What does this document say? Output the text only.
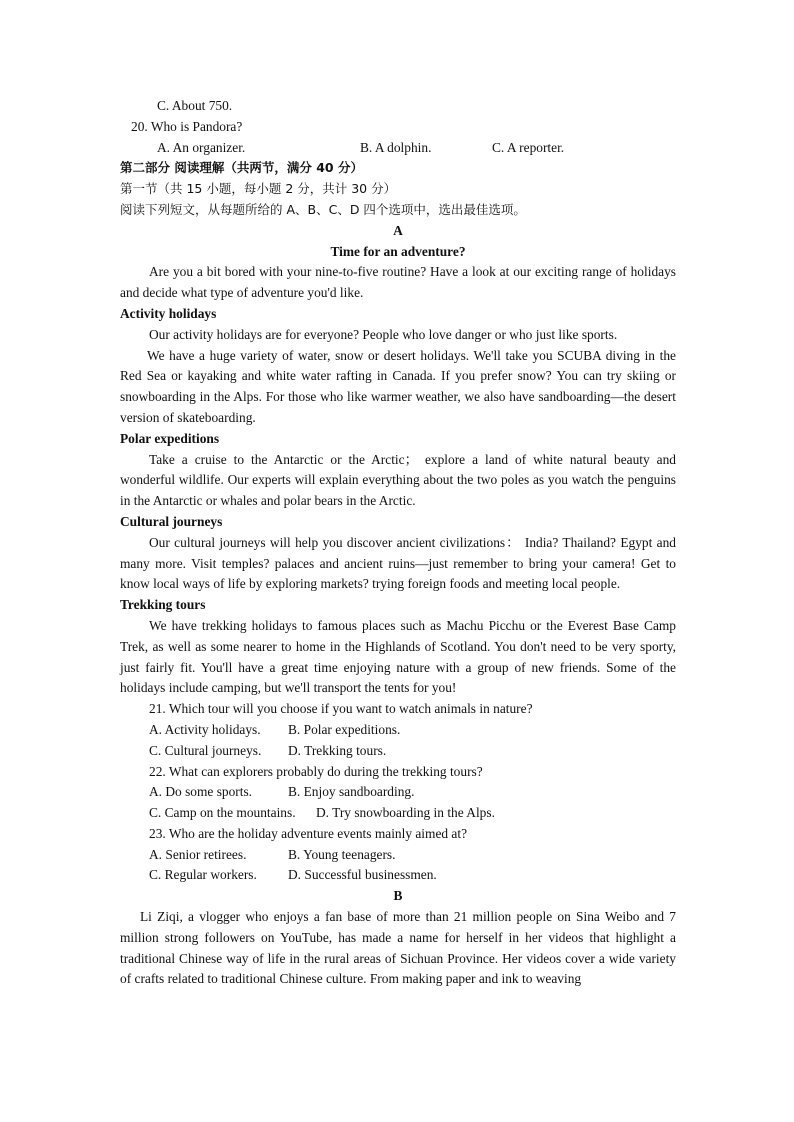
C. About 750.
20. Who is Pandora?
A. An organizer.	B. A dolphin.	C. A reporter.
第二部分 阅读理解（共两节，满分 40 分）
第一节（共 15 小题，每小题 2 分，共计 30 分）
阅读下列短文，从每题所给的 A、B、C、D 四个选项中，选出最佳选项。
A
Time for an adventure?
Are you a bit bored with your nine-to-five routine? Have a look at our exciting range of holidays and decide what type of adventure you'd like.
Activity holidays
Our activity holidays are for everyone? People who love danger or who just like sports.
We have a huge variety of water, snow or desert holidays. We'll take you SCUBA diving in the Red Sea or kayaking and white water rafting in Canada. If you prefer snow? You can try skiing or snowboarding in the Alps. For those who like warmer weather, we also have sandboarding—the desert version of skateboarding.
Polar expeditions
Take a cruise to the Antarctic or the Arctic； explore a land of white natural beauty and wonderful wildlife. Our experts will explain everything about the two poles as you watch the penguins in the Antarctic or whales and polar bears in the Arctic.
Cultural journeys
Our cultural journeys will help you discover ancient civilizations： India? Thailand? Egypt and many more. Visit temples? palaces and ancient ruins—just remember to bring your camera! Get to know local ways of life by exploring markets? trying foreign foods and meeting local people.
Trekking tours
We have trekking holidays to famous places such as Machu Picchu or the Everest Base Camp Trek, as well as some nearer to home in the Highlands of Scotland. You don't need to be very sporty, just fairly fit. You'll have a great time enjoying nature with a group of new friends. Some of the holidays include camping, but we'll transport the tents for you!
21. Which tour will you choose if you want to watch animals in nature?
A. Activity holidays.	B. Polar expeditions.
C. Cultural journeys.	D. Trekking tours.
22. What can explorers probably do during the trekking tours?
A. Do some sports.	B. Enjoy sandboarding.
C. Camp on the mountains.	D. Try snowboarding in the Alps.
23. Who are the holiday adventure events mainly aimed at?
A. Senior retirees.	B. Young teenagers.
C. Regular workers.	D. Successful businessmen.
B
Li Ziqi, a vlogger who enjoys a fan base of more than 21 million people on Sina Weibo and 7 million strong followers on YouTube, has made a name for herself in her videos that highlight a traditional Chinese way of life in the rural areas of Sichuan Province. Her videos cover a wide variety of crafts related to traditional Chinese culture. From making paper and ink to weaving
